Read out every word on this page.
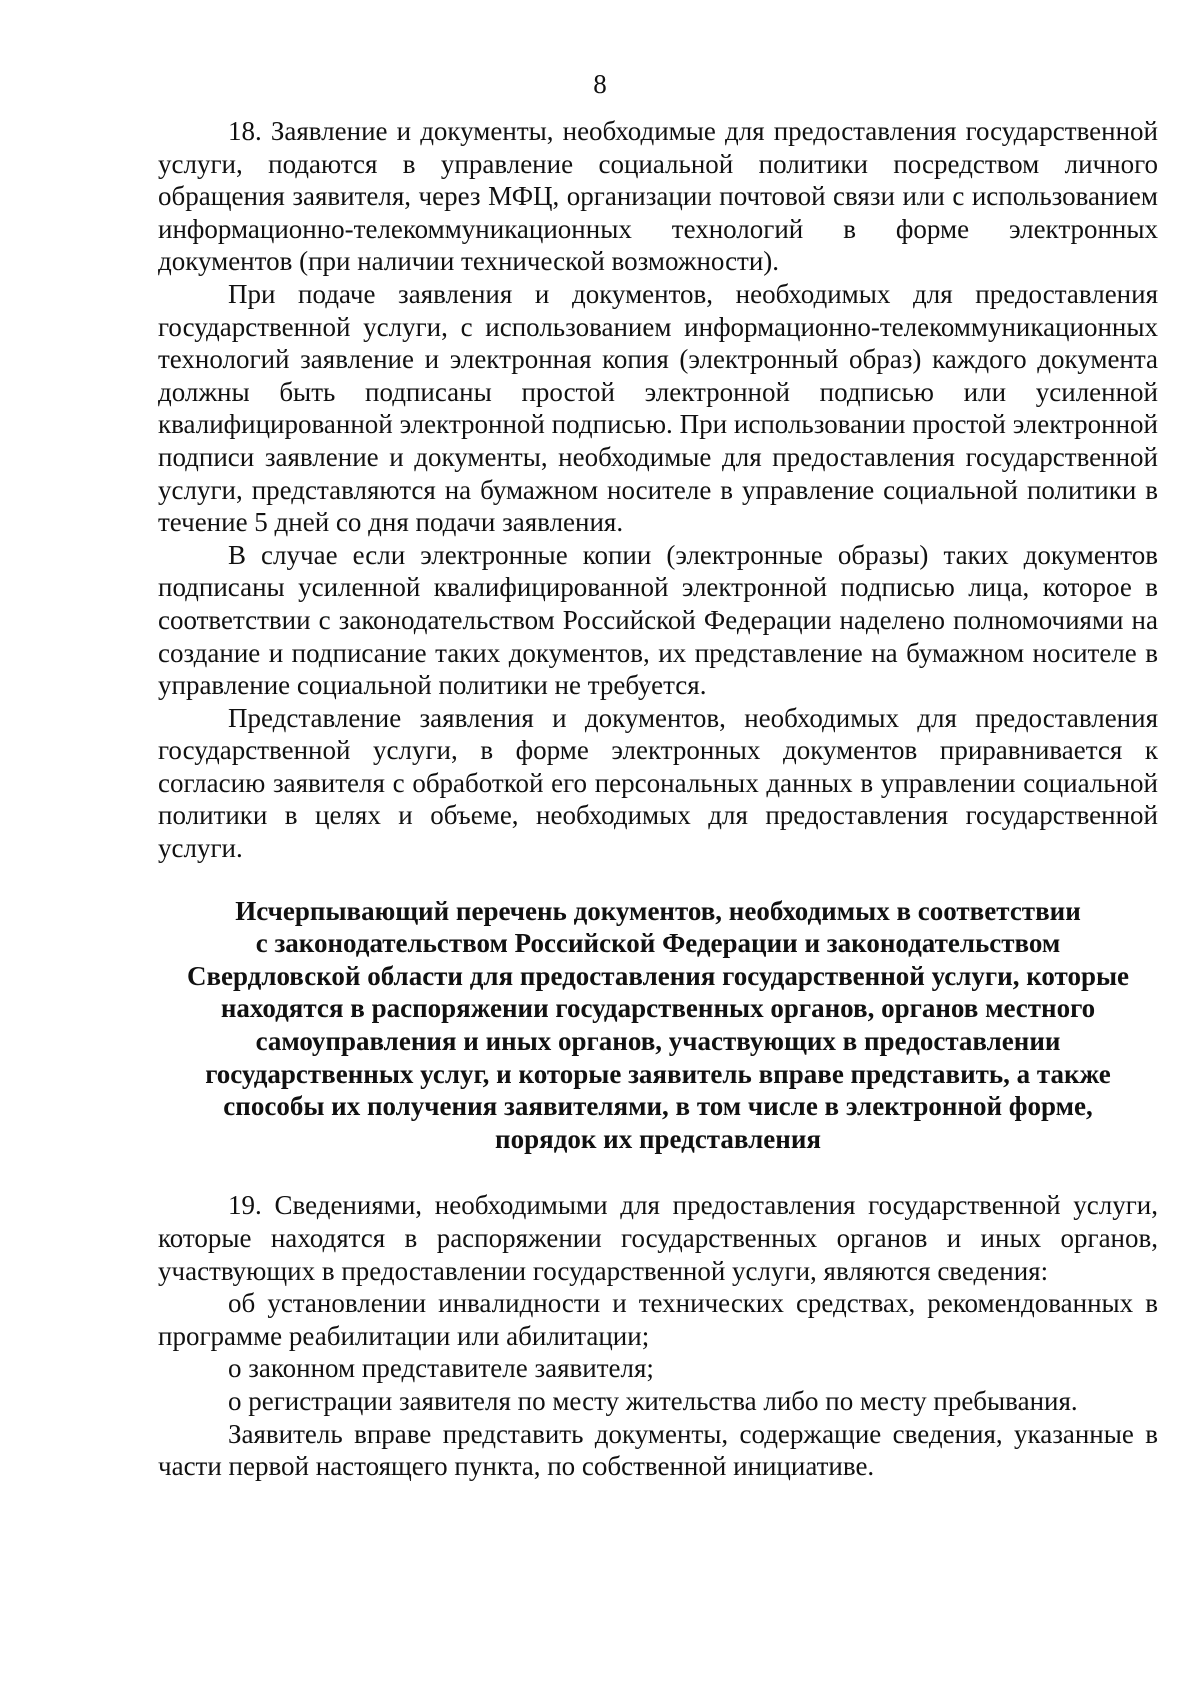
8

18. Заявление и документы, необходимые для предоставления государственной услуги, подаются в управление социальной политики посредством личного обращения заявителя, через МФЦ, организации почтовой связи или с использованием информационно-телекоммуникационных технологий в форме электронных документов (при наличии технической возможности).

При подаче заявления и документов, необходимых для предоставления государственной услуги, с использованием информационно-телекоммуникационных технологий заявление и электронная копия (электронный образ) каждого документа должны быть подписаны простой электронной подписью или усиленной квалифицированной электронной подписью. При использовании простой электронной подписи заявление и документы, необходимые для предоставления государственной услуги, представляются на бумажном носителе в управление социальной политики в течение 5 дней со дня подачи заявления.

В случае если электронные копии (электронные образы) таких документов подписаны усиленной квалифицированной электронной подписью лица, которое в соответствии с законодательством Российской Федерации наделено полномочиями на создание и подписание таких документов, их представление на бумажном носителе в управление социальной политики не требуется.

Представление заявления и документов, необходимых для предоставления государственной услуги, в форме электронных документов приравнивается к согласию заявителя с обработкой его персональных данных в управлении социальной политики в целях и объеме, необходимых для предоставления государственной услуги.

Исчерпывающий перечень документов, необходимых в соответствии
с законодательством Российской Федерации и законодательством
Свердловской области для предоставления государственной услуги, которые
находятся в распоряжении государственных органов, органов местного
самоуправления и иных органов, участвующих в предоставлении
государственных услуг, и которые заявитель вправе представить, а также
способы их получения заявителями, в том числе в электронной форме,
порядок их представления

19. Сведениями, необходимыми для предоставления государственной услуги, которые находятся в распоряжении государственных органов и иных органов, участвующих в предоставлении государственной услуги, являются сведения:

об установлении инвалидности и технических средствах, рекомендованных в программе реабилитации или абилитации;

о законном представителе заявителя;

о регистрации заявителя по месту жительства либо по месту пребывания.

Заявитель вправе представить документы, содержащие сведения, указанные в части первой настоящего пункта, по собственной инициативе.
